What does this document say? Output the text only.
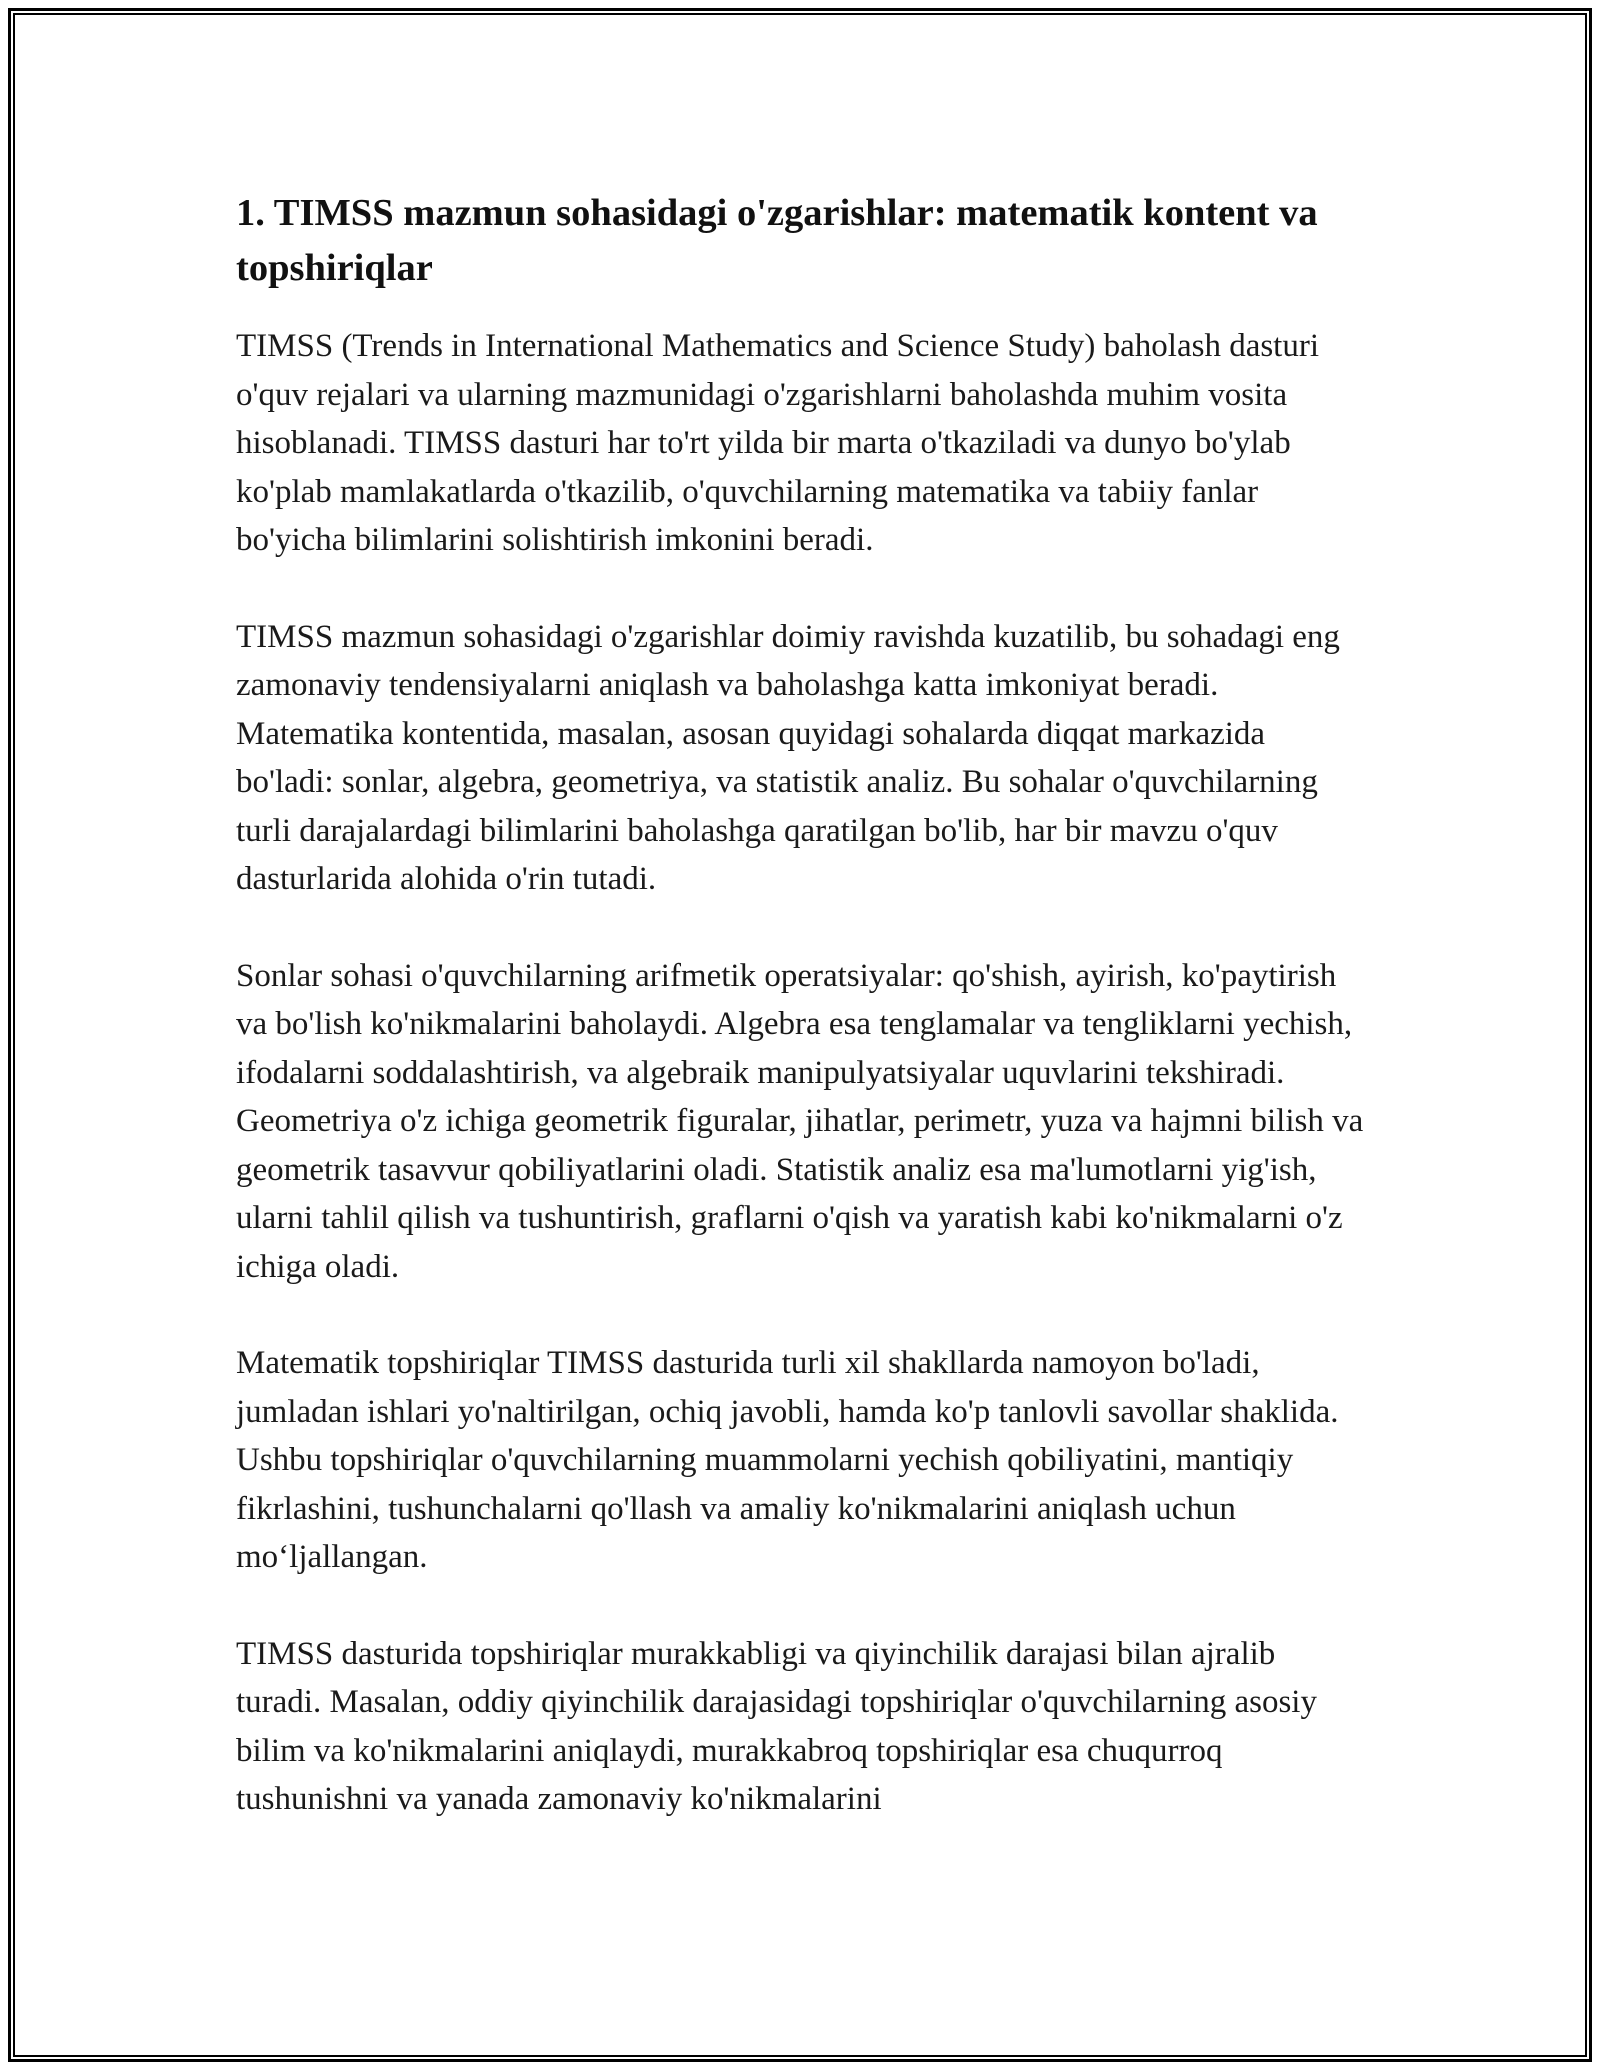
1. TIMSS mazmun sohasidagi o'zgarishlar: matematik kontent va topshiriqlar

TIMSS (Trends in International Mathematics and Science Study) baholash dasturi o'quv rejalari va ularning mazmunidagi o'zgarishlarni baholashda muhim vosita hisoblanadi. TIMSS dasturi har to'rt yilda bir marta o'tkaziladi va dunyo bo'ylab ko'plab mamlakatlarda o'tkazilib, o'quvchilarning matematika va tabiiy fanlar bo'yicha bilimlarini solishtirish imkonini beradi.

TIMSS mazmun sohasidagi o'zgarishlar doimiy ravishda kuzatilib, bu sohadagi eng zamonaviy tendensiyalarni aniqlash va baholashga katta imkoniyat beradi. Matematika kontentida, masalan, asosan quyidagi sohalarda diqqat markazida bo'ladi: sonlar, algebra, geometriya, va statistik analiz. Bu sohalar o'quvchilarning turli darajalardagi bilimlarini baholashga qaratilgan bo'lib, har bir mavzu o'quv dasturlarida alohida o'rin tutadi.

Sonlar sohasi o'quvchilarning arifmetik operatsiyalar: qo'shish, ayirish, ko'paytirish va bo'lish ko'nikmalarini baholaydi. Algebra esa tenglamalar va tengliklarni yechish, ifodalarni soddalashtirish, va algebraik manipulyatsiyalar uquvlarini tekshiradi. Geometriya o'z ichiga geometrik figuralar, jihatlar, perimetr, yuza va hajmni bilish va geometrik tasavvur qobiliyatlarini oladi. Statistik analiz esa ma'lumotlarni yig'ish, ularni tahlil qilish va tushuntirish, graflarni o'qish va yaratish kabi ko'nikmalarni o'z ichiga oladi.

Matematik topshiriqlar TIMSS dasturida turli xil shakllarda namoyon bo'ladi, jumladan ishlari yo'naltirilgan, ochiq javobli, hamda ko'p tanlovli savollar shaklida. Ushbu topshiriqlar o'quvchilarning muammolarni yechish qobiliyatini, mantiqiy fikrlashini, tushunchalarni qo'llash va amaliy ko'nikmalarini aniqlash uchun mo‘ljallangan.

TIMSS dasturida topshiriqlar murakkabligi va qiyinchilik darajasi bilan ajralib turadi. Masalan, oddiy qiyinchilik darajasidagi topshiriqlar o'quvchilarning asosiy bilim va ko'nikmalarini aniqlaydi, murakkabroq topshiriqlar esa chuqurroq tushunishni va yanada zamonaviy ko'nikmalarini
